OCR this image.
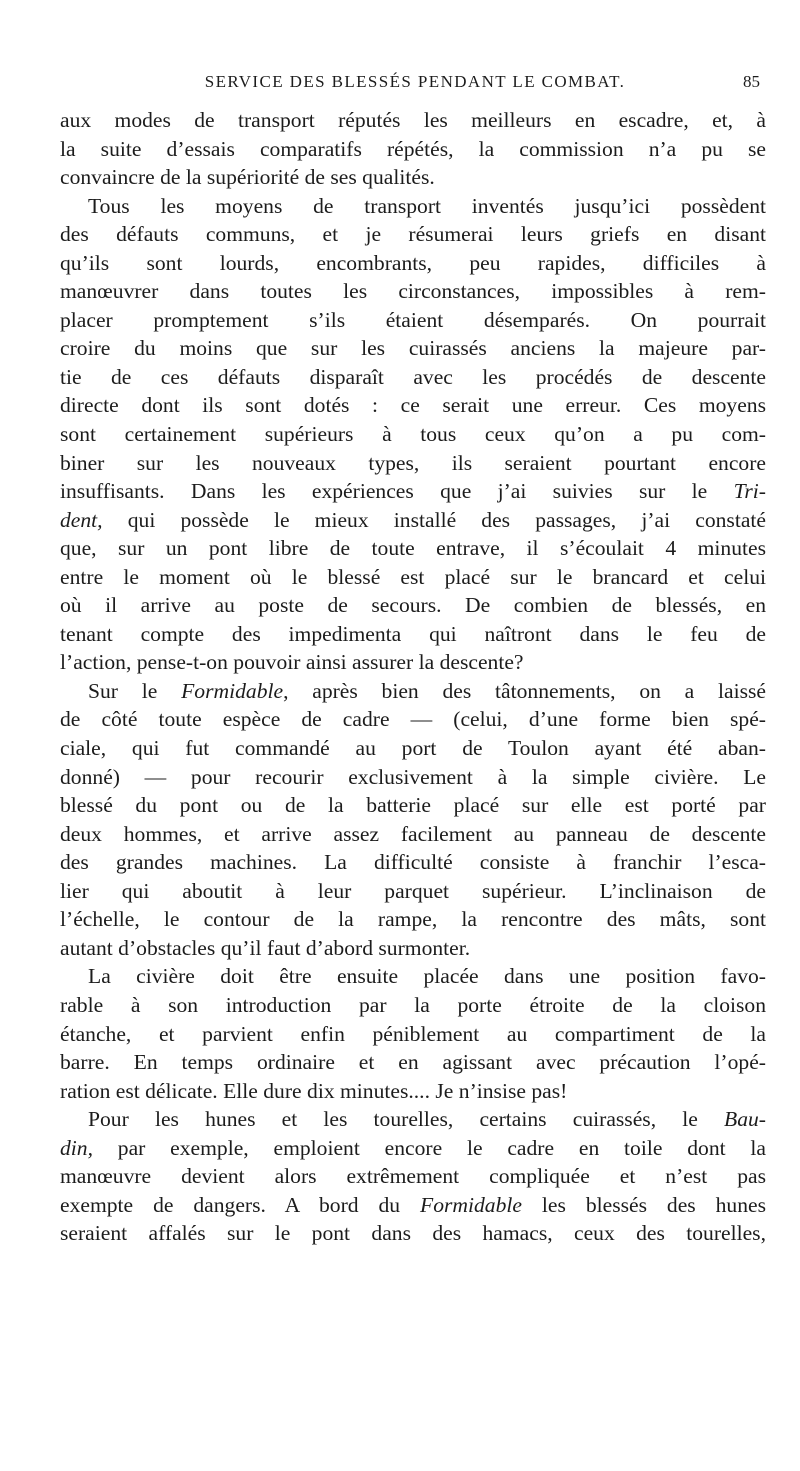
SERVICE DES BLESSÉS PENDANT LE COMBAT.	85
aux modes de transport réputés les meilleurs en escadre, et, à
la suite d’essais comparatifs répétés, la commission n’a pu se
convaincre de la supériorité de ses qualités.
Tous les moyens de transport inventés jusqu’ici possèdent
des défauts communs, et je résumerai leurs griefs en disant
qu’ils sont lourds, encombrants, peu rapides, difficiles à
manœuvrer dans toutes les circonstances, impossibles à rem-
placer promptement s’ils étaient désemparés. On pourrait
croire du moins que sur les cuirassés anciens la majeure par-
tie de ces défauts disparaît avec les procédés de descente
directe dont ils sont dotés : ce serait une erreur. Ces moyens
sont certainement supérieurs à tous ceux qu’on a pu com-
biner sur les nouveaux types, ils seraient pourtant encore
insuffisants. Dans les expériences que j’ai suivies sur le Tri-
dent, qui possède le mieux installé des passages, j’ai constaté
que, sur un pont libre de toute entrave, il s’écoulait 4 minutes
entre le moment où le blessé est placé sur le brancard et celui
où il arrive au poste de secours. De combien de blessés, en
tenant compte des impedimenta qui naîtront dans le feu de
l’action, pense-t-on pouvoir ainsi assurer la descente?
Sur le Formidable, après bien des tâtonnements, on a laissé
de côté toute espèce de cadre — (celui, d’une forme bien spé-
ciale, qui fut commandé au port de Toulon ayant été aban-
donné) — pour recourir exclusivement à la simple civière. Le
blessé du pont ou de la batterie placé sur elle est porté par
deux hommes, et arrive assez facilement au panneau de descente
des grandes machines. La difficulté consiste à franchir l’esca-
lier qui aboutit à leur parquet supérieur. L’inclinaison de
l’échelle, le contour de la rampe, la rencontre des mâts, sont
autant d’obstacles qu’il faut d’abord surmonter.
La civière doit être ensuite placée dans une position favo-
rable à son introduction par la porte étroite de la cloison
étanche, et parvient enfin péniblement au compartiment de la
barre. En temps ordinaire et en agissant avec précaution l’opé-
ration est délicate. Elle dure dix minutes.... Je n’insise pas!
Pour les hunes et les tourelles, certains cuirassés, le Bau-
din, par exemple, emploient encore le cadre en toile dont la
manœuvre devient alors extrêmement compliquée et n’est pas
exempte de dangers. A bord du Formidable les blessés des hunes
seraient affalés sur le pont dans des hamacs, ceux des tourelles,
